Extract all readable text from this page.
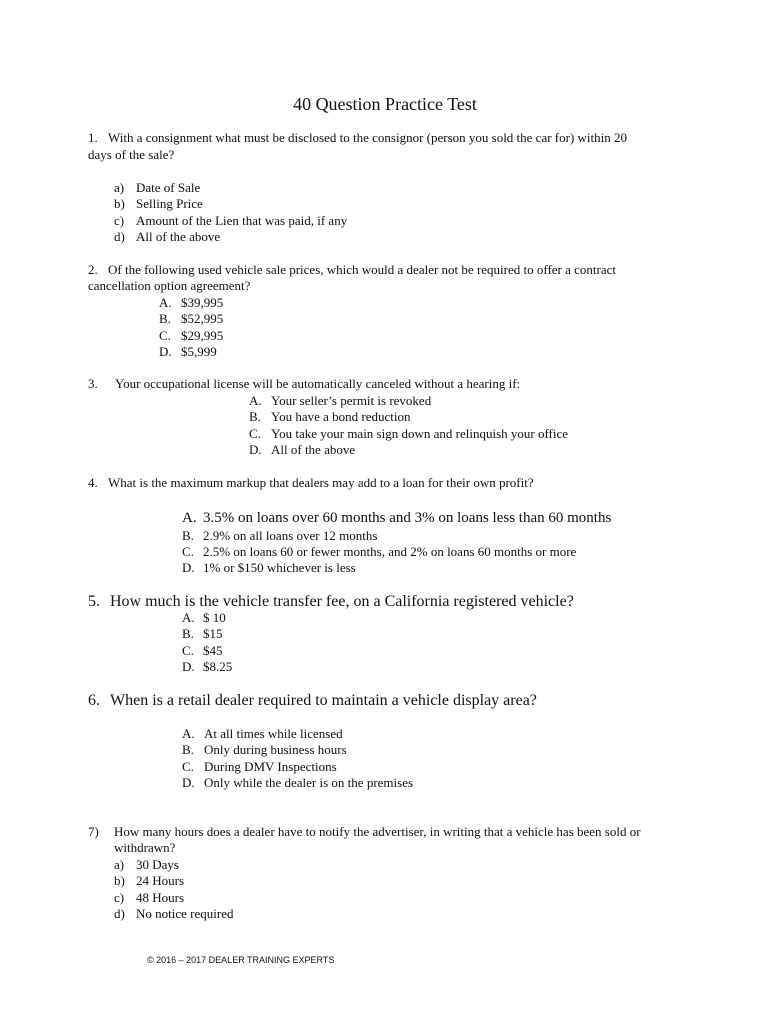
40 Question Practice Test
1. With a consignment what must be disclosed to the consignor (person you sold the car for) within 20
days of the sale?
a) Date of Sale
b) Selling Price
c) Amount of the Lien that was paid, if any
d) All of the above
2. Of the following used vehicle sale prices, which would a dealer not be required to offer a contract
cancellation option agreement?
A. $39,995
B. $52,995
C. $29,995
D. $5,999
3. Your occupational license will be automatically canceled without a hearing if:
A. Your seller’s permit is revoked
B. You have a bond reduction
C. You take your main sign down and relinquish your office
D. All of the above
4. What is the maximum markup that dealers may add to a loan for their own profit?
A. 3.5% on loans over 60 months and 3% on loans less than 60 months
B. 2.9% on all loans over 12 months
C. 2.5% on loans 60 or fewer months, and 2% on loans 60 months or more
D. 1% or $150 whichever is less
5. How much is the vehicle transfer fee, on a California registered vehicle?
A. $ 10
B. $15
C. $45
D. $8.25
6. When is a retail dealer required to maintain a vehicle display area?
A. At all times while licensed
B. Only during business hours
C. During DMV Inspections
D. Only while the dealer is on the premises
7) How many hours does a dealer have to notify the advertiser, in writing that a vehicle has been sold or
withdrawn?
a) 30 Days
b) 24 Hours
c) 48 Hours
d) No notice required
© 2016 – 2017 DEALER TRAINING EXPERTS
